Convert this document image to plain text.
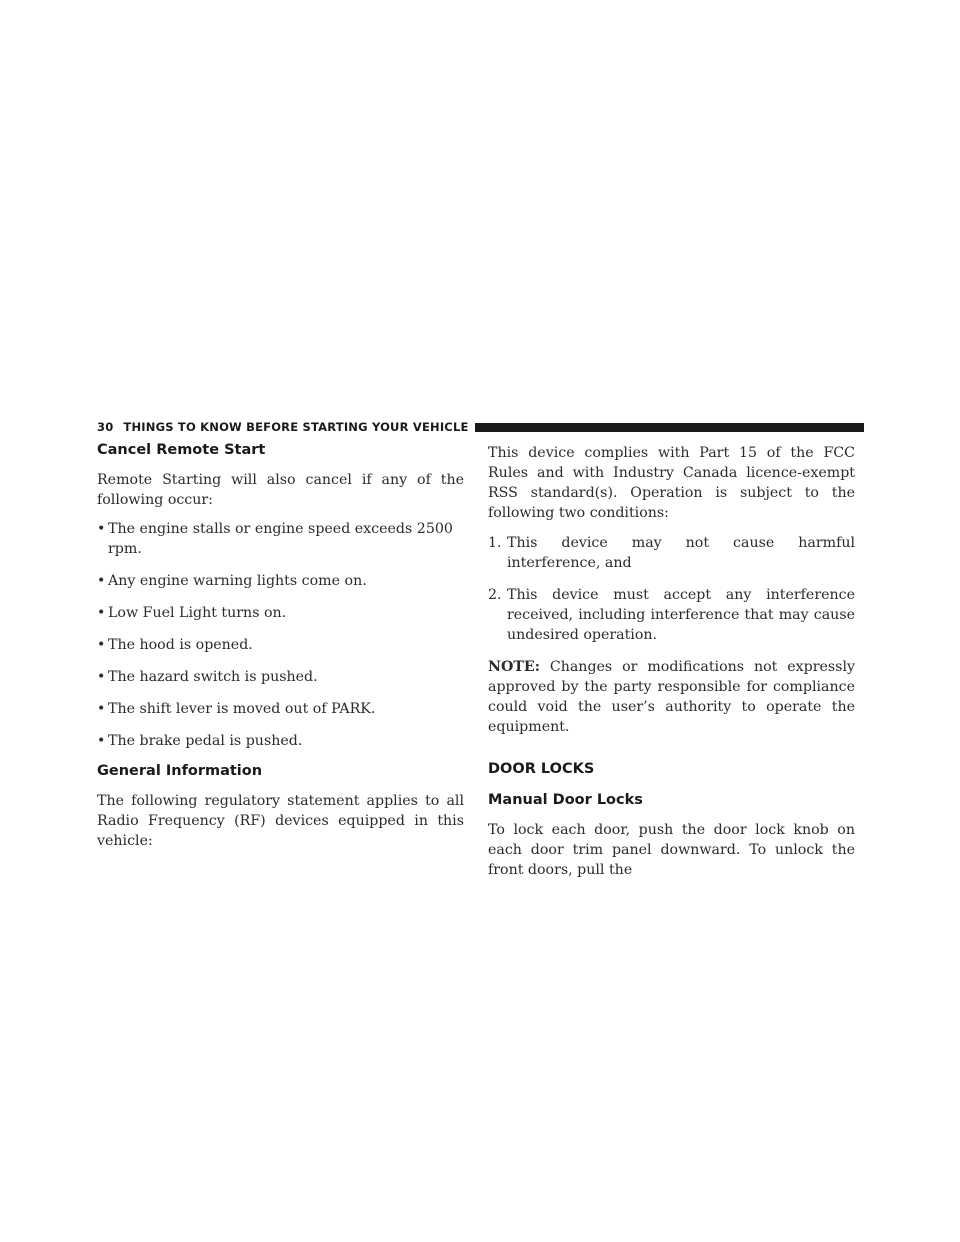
30 THINGS TO KNOW BEFORE STARTING YOUR VEHICLE
Cancel Remote Start

Remote Starting will also cancel if any of the following occur:

• The engine stalls or engine speed exceeds 2500 rpm.
• Any engine warning lights come on.
• Low Fuel Light turns on.
• The hood is opened.
• The hazard switch is pushed.
• The shift lever is moved out of PARK.
• The brake pedal is pushed.
General Information

The following regulatory statement applies to all Radio Frequency (RF) devices equipped in this vehicle:

This device complies with Part 15 of the FCC Rules and with Industry Canada licence-exempt RSS standard(s). Operation is subject to the following two conditions:

1. This device may not cause harmful interference, and
2. This device must accept any interference received, including interference that may cause undesired operation.

NOTE: Changes or modifications not expressly approved by the party responsible for compliance could void the user’s authority to operate the equipment.

DOOR LOCKS
Manual Door Locks

To lock each door, push the door lock knob on each door trim panel downward. To unlock the front doors, pull the
